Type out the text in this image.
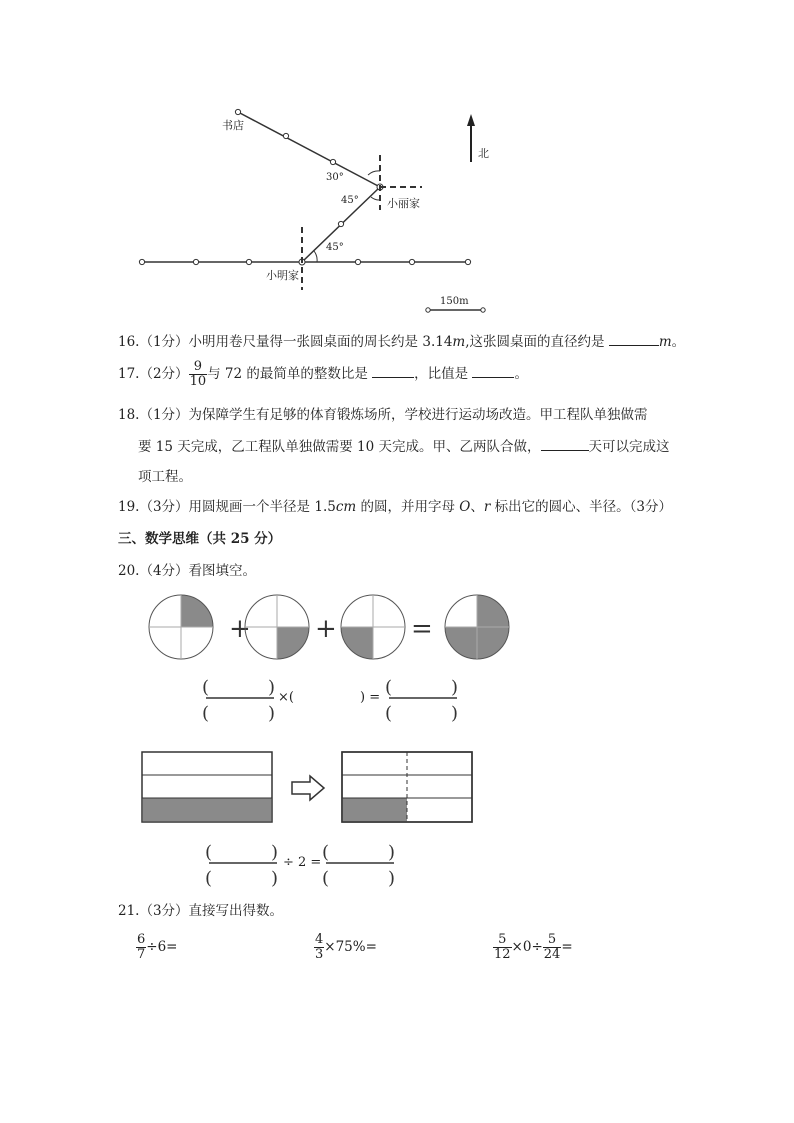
书店
30°
45°	小丽家
北
45°
小明家
150m
16.（1分）小明用卷尺量得一张圆桌面的周长约是 3.14m,这张圆桌面的直径约是	m。
17.（2分） $\frac{9}{10}$ 与 72 的最简单的整数比是	，比值是	。
18.（1分）为保障学生有足够的体育锻炼场所，学校进行运动场改造。甲工程队单独做需
要 15 天完成，乙工程队单独做需要 10 天完成。甲、乙两队合做，	天可以完成这
项工程。
19.（3分）用圆规画一个半径是 1.5cm 的圆，并用字母 O、r 标出它的圆心、半径。（3分）
三、数学思维（共 25 分）
20.（4分）看图填空。
+ +	=
(	)
(	)
×(	) = (	)
(	)
(	)
(	)
÷ 2 = (	)
(	)
21.（3分）直接写出得数。
$\frac{6}{7} \div 6=$	$\frac{4}{3} \times 75\%=$	$\frac{5}{12} \times 0\div \frac{5}{24}$ =
